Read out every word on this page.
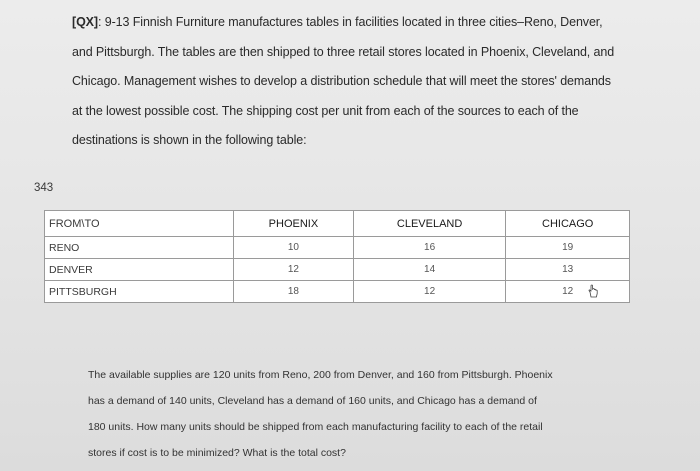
[QX]: 9-13 Finnish Furniture manufactures tables in facilities located in three cities–Reno, Denver,

and Pittsburgh. The tables are then shipped to three retail stores located in Phoenix, Cleveland, and

Chicago. Management wishes to develop a distribution schedule that will meet the stores' demands

at the lowest possible cost. The shipping cost per unit from each of the sources to each of the

destinations is shown in the following table:

343
FROM\TO	PHOENIX	CLEVELAND	CHICAGO
RENO	10	16	19
DENVER	12	14	13
PITTSBURGH	18	12	12

The available supplies are 120 units from Reno, 200 from Denver, and 160 from Pittsburgh. Phoenix

has a demand of 140 units, Cleveland has a demand of 160 units, and Chicago has a demand of

180 units. How many units should be shipped from each manufacturing facility to each of the retail

stores if cost is to be minimized? What is the total cost?
